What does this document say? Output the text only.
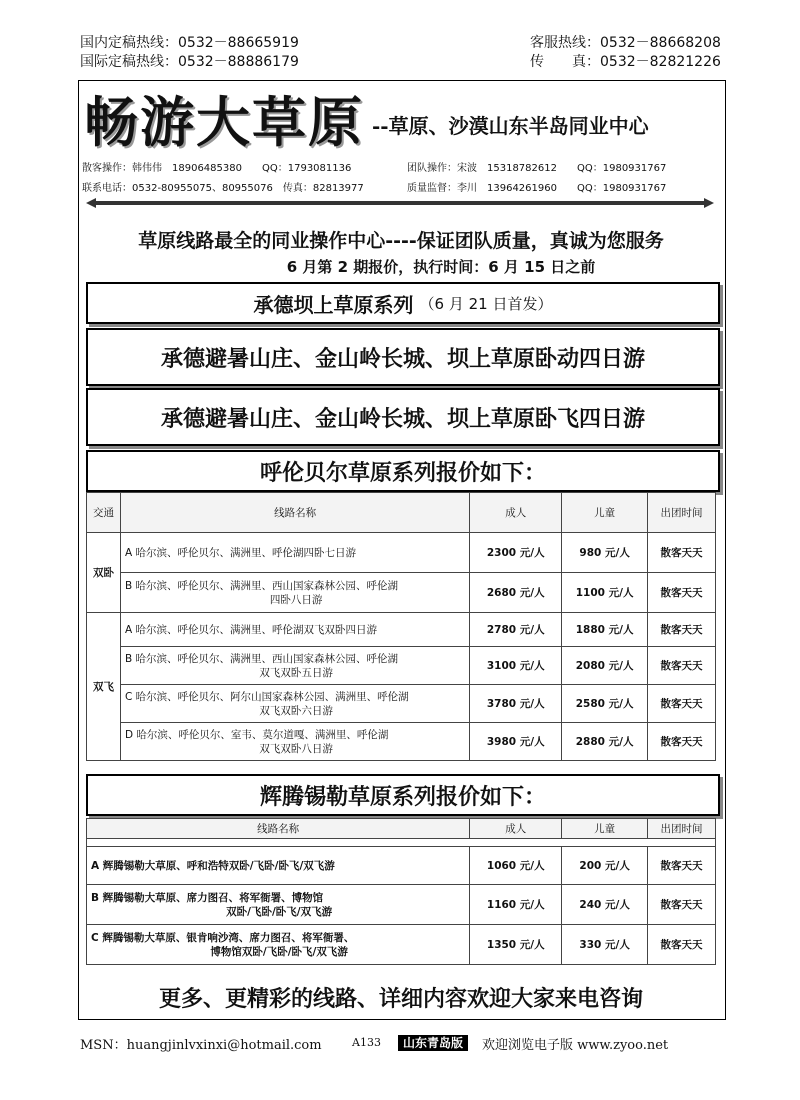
国内定稿热线：0532－88665919
国际定稿热线：0532－88886179
客服热线：0532－88668208
传　　真：0532－82821226
畅游大草原 --草原、沙漠山东半岛同业中心
散客操作：韩伟伟　18906485380　　QQ：1793081136	团队操作：宋波　15318782612　　QQ：1980931767
联系电话：0532-80955075、80955076　传真：82813977	质量监督：李川　13964261960　　QQ：1980931767
草原线路最全的同业操作中心----保证团队质量，真诚为您服务
6 月第 2 期报价，执行时间：6 月 15 日之前
承德坝上草原系列 （6 月 21 日首发）
承德避暑山庄、金山岭长城、坝上草原卧动四日游
承德避暑山庄、金山岭长城、坝上草原卧飞四日游
呼伦贝尔草原系列报价如下：
交通	线路名称	成人	儿童	出团时间
双卧	A 哈尔滨、呼伦贝尔、满洲里、呼伦湖四卧七日游	2300 元/人	980 元/人	散客天天

	B 哈尔滨、呼伦贝尔、满洲里、西山国家森林公园、呼伦湖
四卧八日游	2680 元/人	1100 元/人	散客天天
双飞	A 哈尔滨、呼伦贝尔、满洲里、呼伦湖双飞双卧四日游	2780 元/人	1880 元/人	散客天天

	B 哈尔滨、呼伦贝尔、满洲里、西山国家森林公园、呼伦湖
双飞双卧五日游	3100 元/人	2080 元/人	散客天天

	C 哈尔滨、呼伦贝尔、阿尔山国家森林公园、满洲里、呼伦湖
双飞双卧六日游	3780 元/人	2580 元/人	散客天天

	D 哈尔滨、呼伦贝尔、室韦、莫尔道嘎、满洲里、呼伦湖
双飞双卧八日游	3980 元/人	2880 元/人	散客天天
辉腾锡勒草原系列报价如下：
线路名称	成人	儿童	出团时间

A 辉腾锡勒大草原、呼和浩特双卧/飞卧/卧飞/双飞游	1060 元/人	200 元/人	散客天天

B 辉腾锡勒大草原、席力图召、将军衙署、博物馆
双卧/飞卧/卧飞/双飞游	1160 元/人	240 元/人	散客天天

C 辉腾锡勒大草原、银肯响沙湾、席力图召、将军衙署、
博物馆双卧/飞卧/卧飞/双飞游	1350 元/人	330 元/人	散客天天
更多、更精彩的线路、详细内容欢迎大家来电咨询
MSN：huangjinlvxinxi@hotmail.com	A133	山东青岛版	欢迎浏览电子版 www.zyoo.net
